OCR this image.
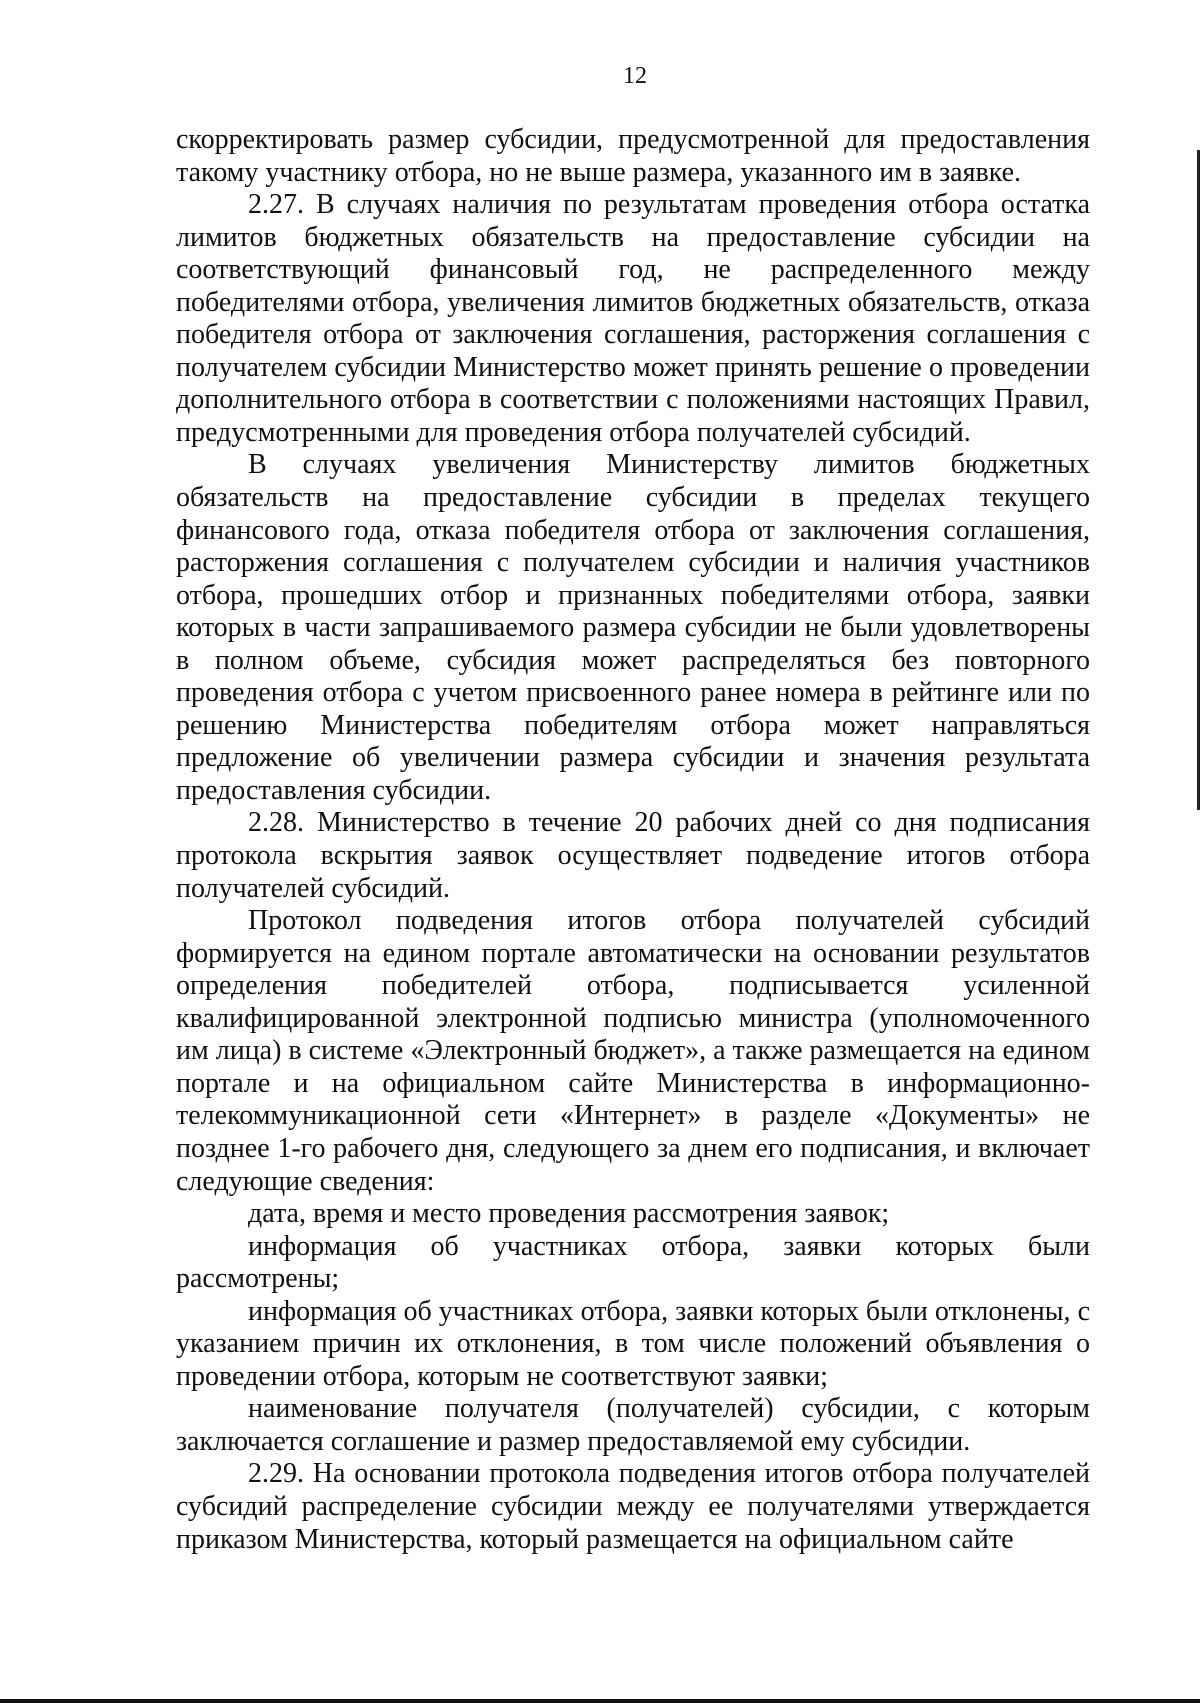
12

скорректировать размер субсидии, предусмотренной для предоставления такому участнику отбора, но не выше размера, указанного им в заявке.

2.27. В случаях наличия по результатам проведения отбора остатка лимитов бюджетных обязательств на предоставление субсидии на соответствующий финансовый год, не распределенного между победителями отбора, увеличения лимитов бюджетных обязательств, отказа победителя отбора от заключения соглашения, расторжения соглашения с получателем субсидии Министерство может принять решение о проведении дополнительного отбора в соответствии с положениями настоящих Правил, предусмотренными для проведения отбора получателей субсидий.

В случаях увеличения Министерству лимитов бюджетных обязательств на предоставление субсидии в пределах текущего финансового года, отказа победителя отбора от заключения соглашения, расторжения соглашения с получателем субсидии и наличия участников отбора, прошедших отбор и признанных победителями отбора, заявки которых в части запрашиваемого размера субсидии не были удовлетворены в полном объеме, субсидия может распределяться без повторного проведения отбора с учетом присвоенного ранее номера в рейтинге или по решению Министерства победителям отбора может направляться предложение об увеличении размера субсидии и значения результата предоставления субсидии.

2.28. Министерство в течение 20 рабочих дней со дня подписания протокола вскрытия заявок осуществляет подведение итогов отбора получателей субсидий.

Протокол подведения итогов отбора получателей субсидий формируется на едином портале автоматически на основании результатов определения победителей отбора, подписывается усиленной квалифицированной электронной подписью министра (уполномоченного им лица) в системе «Электронный бюджет», а также размещается на едином портале и на официальном сайте Министерства в информационно-телекоммуникационной сети «Интернет» в разделе «Документы» не позднее 1-го рабочего дня, следующего за днем его подписания, и включает следующие сведения:

дата, время и место проведения рассмотрения заявок;

информация об участниках отбора, заявки которых были рассмотрены;

информация об участниках отбора, заявки которых были отклонены, с указанием причин их отклонения, в том числе положений объявления о проведении отбора, которым не соответствуют заявки;

наименование получателя (получателей) субсидии, с которым заключается соглашение и размер предоставляемой ему субсидии.

2.29. На основании протокола подведения итогов отбора получателей субсидий распределение субсидии между ее получателями утверждается приказом Министерства, который размещается на официальном сайте
